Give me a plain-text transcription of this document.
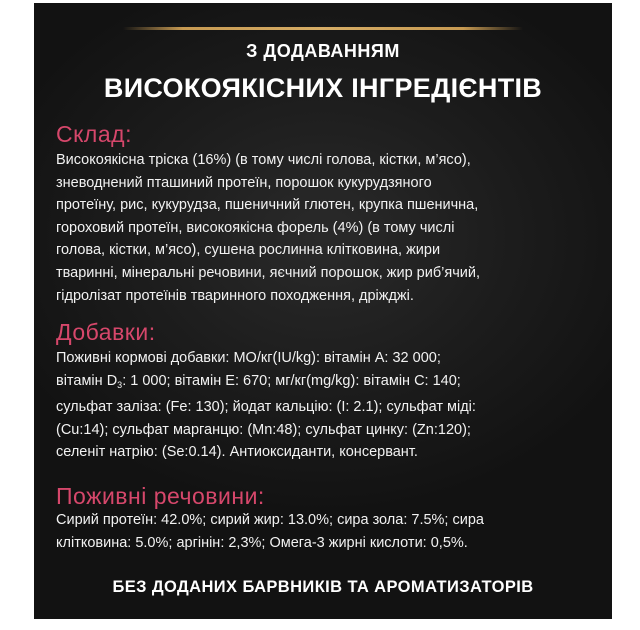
З ДОДАВАННЯМ
ВИСОКОЯКІСНИХ ІНГРЕДІЄНТІВ
Склад:
Високоякісна тріска (16%) (в тому числі голова, кістки, м’ясо),
зневоднений пташиний протеїн, порошок кукурудзяного
протеїну, рис, кукурудза, пшеничний глютен, крупка пшенична,
гороховий протеїн, високоякісна форель (4%) (в тому числі
голова, кістки, м’ясо), сушена рослинна клітковина, жири
тваринні, мінеральні речовини, яєчний порошок, жир риб’ячий,
гідролізат протеїнів тваринного походження, дріжджі.
Добавки:
Поживні кормові добавки: МО/кг(IU/kg): вітамін А: 32 000;
вітамін $D_3$: 1 000; вітамін Е: 670; мг/кг(mg/kg): вітамін С: 140;
сульфат заліза: (Fe: 130); йодат кальцію: (І: 2.1); сульфат міді:
(Cu:14); сульфат марганцю: (Mn:48); сульфат цинку: (Zn:120);
селеніт натрію: (Se:0.14). Антиоксиданти, консервант.
Поживні речовини:
Сирий протеїн: 42.0%; сирий жир: 13.0%; сира зола: 7.5%; сира
клітковина: 5.0%; аргінін: 2,3%; Омега-3 жирні кислоти: 0,5%.
БЕЗ ДОДАНИХ БАРВНИКІВ ТА АРОМАТИЗАТОРІВ
